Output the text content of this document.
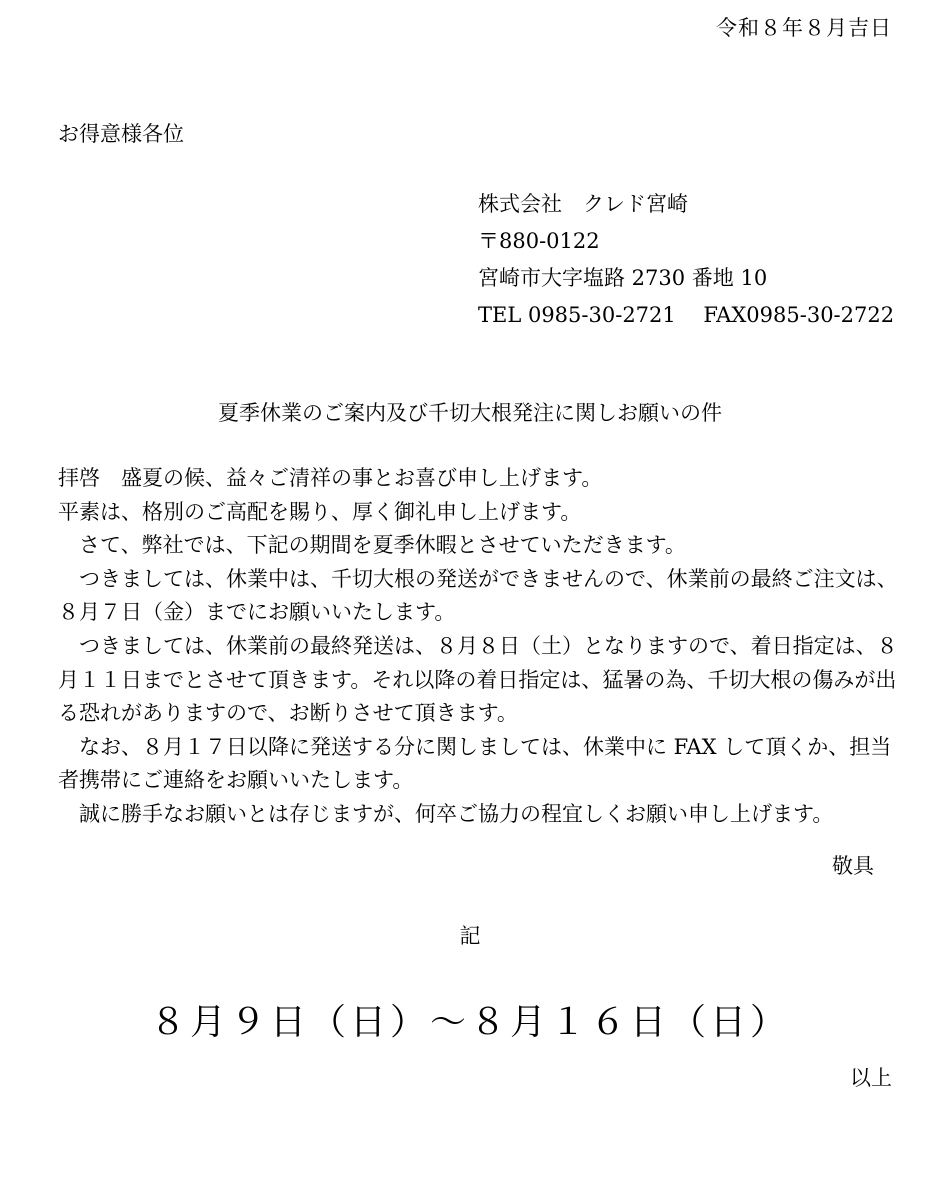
令和８年８月吉日
お得意様各位
株式会社　クレド宮崎
〒880-0122
宮崎市大字塩路 2730 番地 10
TEL 0985-30-2721　 FAX0985-30-2722
夏季休業のご案内及び千切大根発注に関しお願いの件

拝啓　盛夏の候、益々ご清祥の事とお喜び申し上げます。

平素は、格別のご高配を賜り、厚く御礼申し上げます。

さて、弊社では、下記の期間を夏季休暇とさせていただきます。

つきましては、休業中は、千切大根の発送ができませんので、休業前の最終ご注文は、８月７日（金）までにお願いいたします。

つきましては、休業前の最終発送は、８月８日（土）となりますので、着日指定は、８月１１日までとさせて頂きます。それ以降の着日指定は、猛暑の為、千切大根の傷みが出る恐れがありますので、お断りさせて頂きます。

なお、８月１７日以降に発送する分に関しましては、休業中に FAX して頂くか、担当者携帯にご連絡をお願いいたします。

誠に勝手なお願いとは存じますが、何卒ご協力の程宜しくお願い申し上げます。

敬具
記
８月９日（日）～８月１６日（日）
以上
